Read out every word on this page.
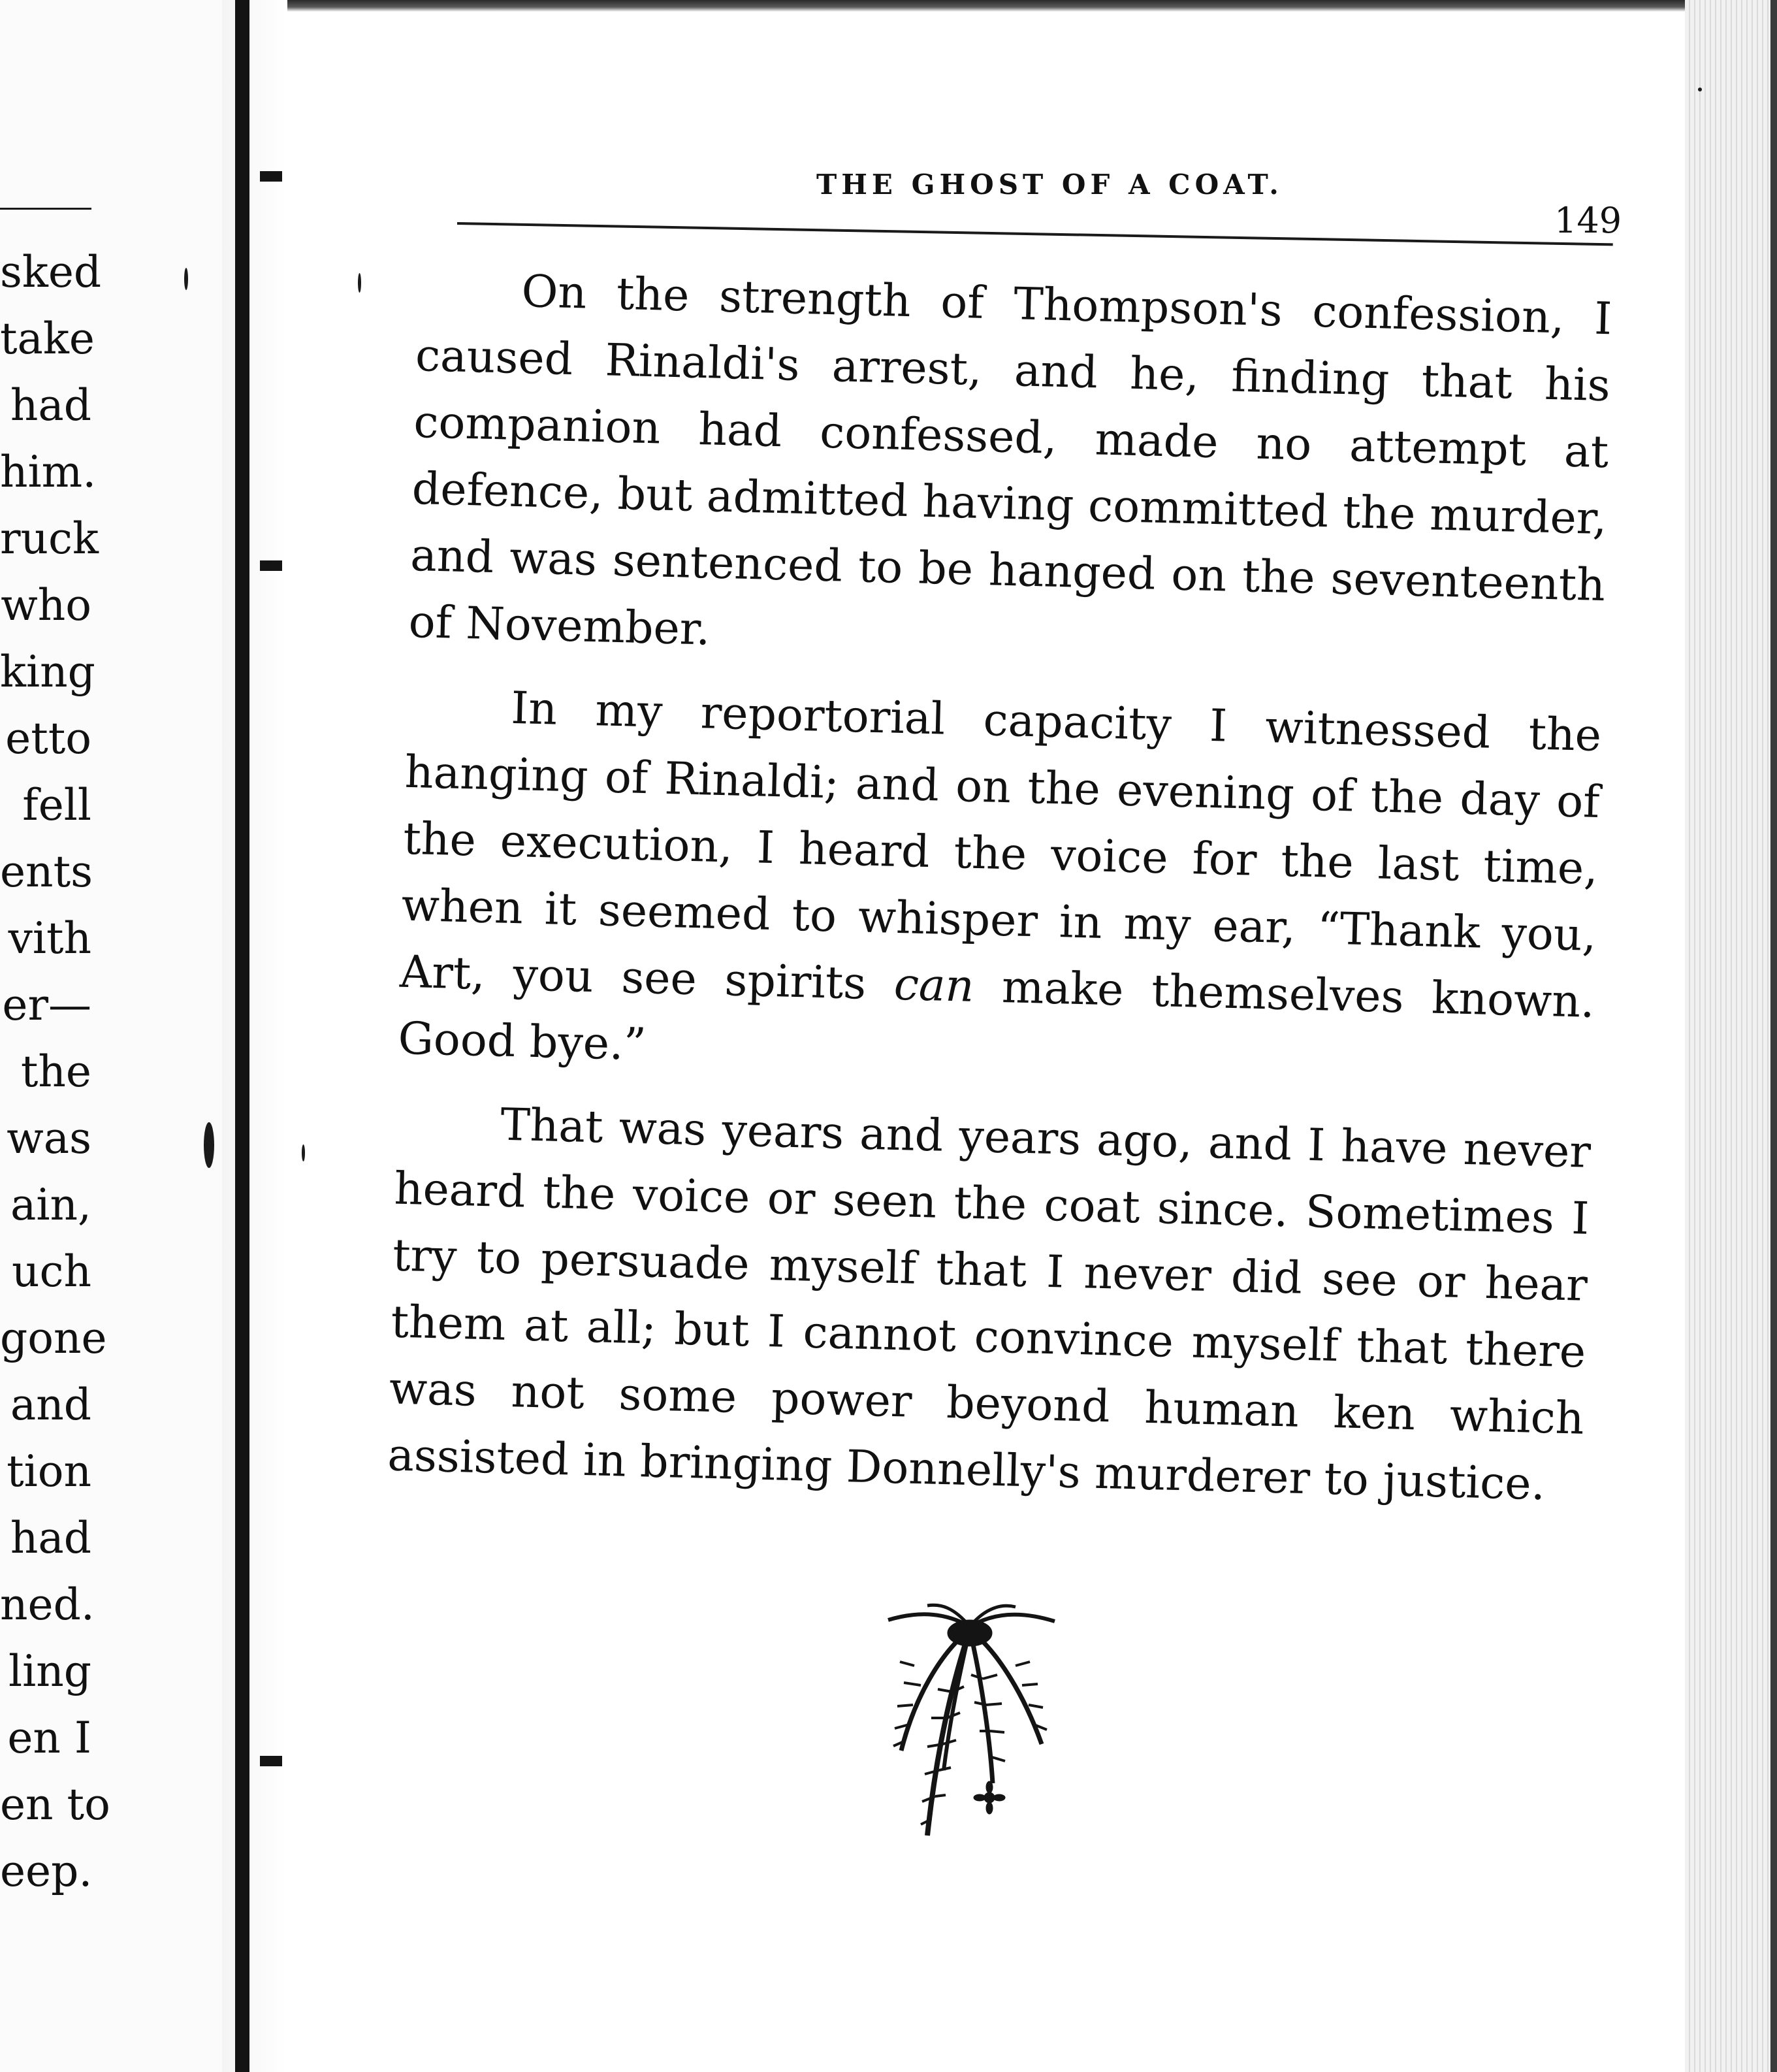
sked
take
had
him.
ruck
who
king
etto
fell
ents
vith
er—
the
was
ain,
uch
gone
and
tion
had
ned.
ling
en I
en to
eep.
THE GHOST OF A COAT.
149

On the strength of Thompson's confession, I caused Rinaldi's arrest, and he, finding that his companion had confessed, made no attempt at defence, but admitted having committed the murder, and was sentenced to be hanged on the seventeenth of November.

In my reportorial capacity I witnessed the hanging of Rinaldi; and on the evening of the day of the execution, I heard the voice for the last time, when it seemed to whisper in my ear, “Thank you, Art, you see spirits can make themselves known. Good bye.”

That was years and years ago, and I have never heard the voice or seen the coat since. Sometimes I try to persuade myself that I never did see or hear them at all; but I cannot convince myself that there was not some power beyond human ken which assisted in bringing Donnelly's murderer to justice.
